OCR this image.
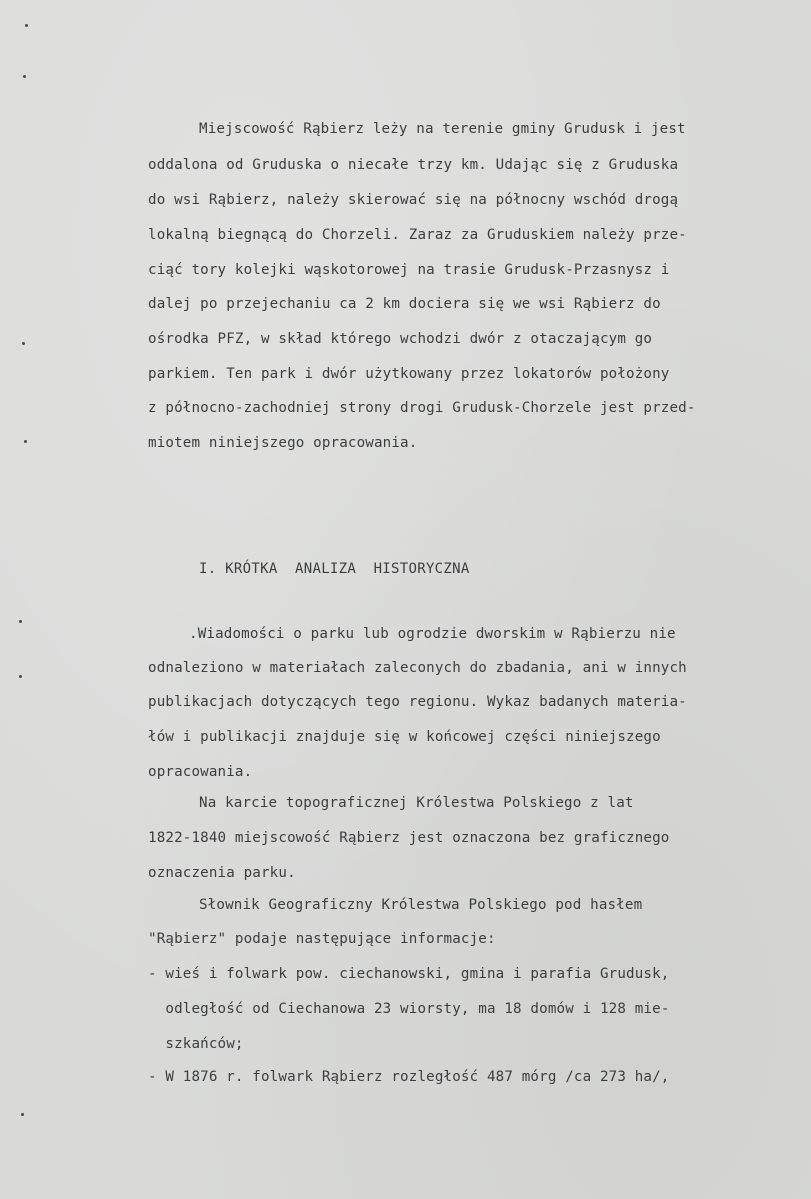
Miejscowość Rąbierz leży na terenie gminy Grudusk i jest

oddalona od Gruduska o niecałe trzy km. Udając się z Gruduska

do wsi Rąbierz, należy skierować się na północny wschód drogą

lokalną biegnącą do Chorzeli. Zaraz za Gruduskiem należy prze-

ciąć tory kolejki wąskotorowej na trasie Grudusk-Przasnysz i

dalej po przejechaniu ca 2 km dociera się we wsi Rąbierz do

ośrodka PFZ, w skład którego wchodzi dwór z otaczającym go

parkiem. Ten park i dwór użytkowany przez lokatorów położony

z północno-zachodniej strony drogi Grudusk-Chorzele jest przed-

miotem niniejszego opracowania.

I. KRÓTKA  ANALIZA  HISTORYCZNA

.Wiadomości o parku lub ogrodzie dworskim w Rąbierzu nie

odnaleziono w materiałach zaleconych do zbadania, ani w innych

publikacjach dotyczących tego regionu. Wykaz badanych materia-

łów i publikacji znajduje się w końcowej części niniejszego

opracowania.

Na karcie topograficznej Królestwa Polskiego z lat

1822-1840 miejscowość Rąbierz jest oznaczona bez graficznego

oznaczenia parku.

Słownik Geograficzny Królestwa Polskiego pod hasłem

"Rąbierz" podaje następujące informacje:

- wieś i folwark pow. ciechanowski, gmina i parafia Grudusk,

odległość od Ciechanowa 23 wiorsty, ma 18 domów i 128 mie-

szkańców;

- W 1876 r. folwark Rąbierz rozległość 487 mórg /ca 273 ha/,
